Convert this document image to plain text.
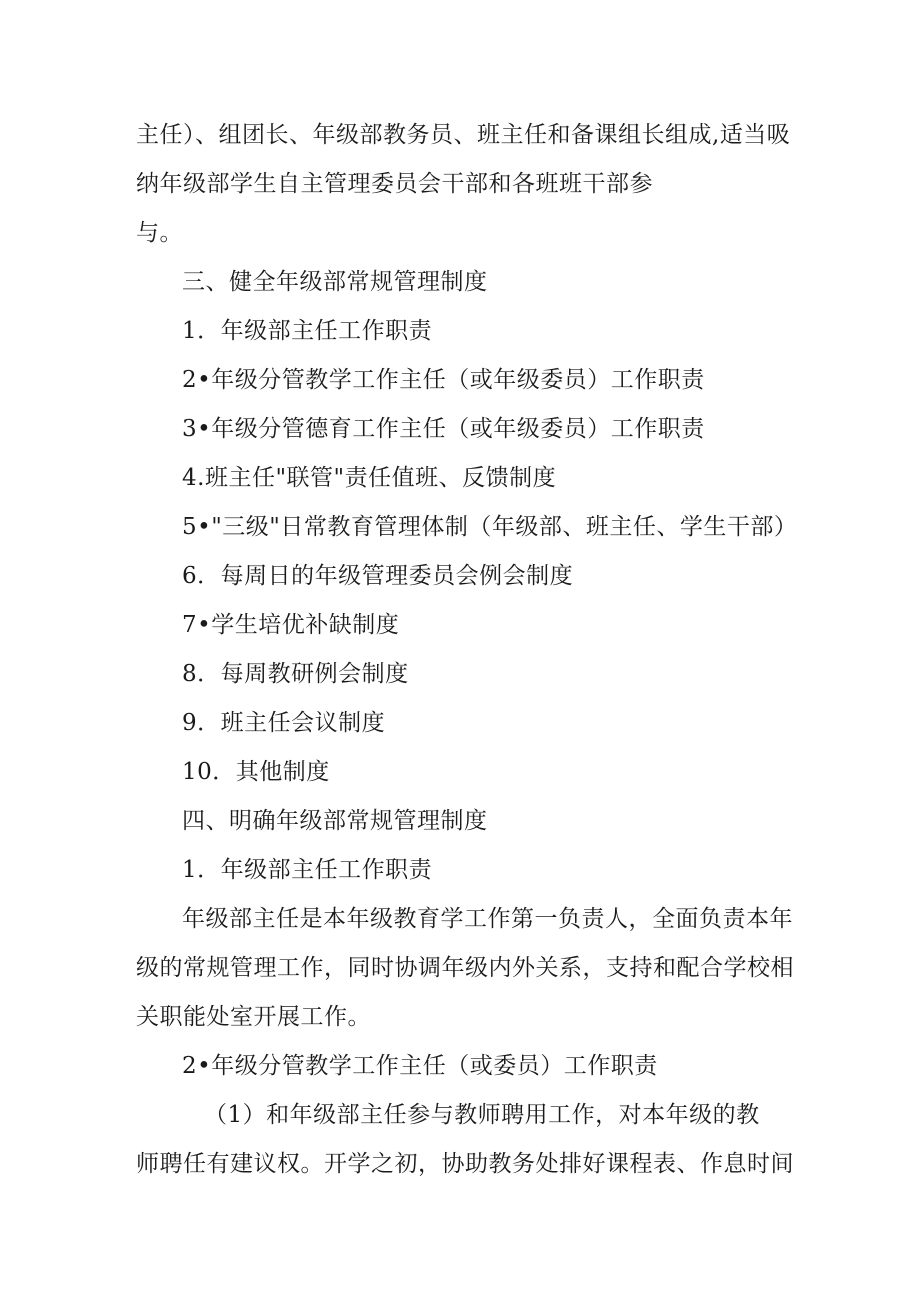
主任）、组团长、年级部教务员、班主任和备课组长组成,适当吸
纳年级部学生自主管理委员会干部和各班班干部参
与。
三、健全年级部常规管理制度
1．年级部主任工作职责
2•年级分管教学工作主任（或年级委员）工作职责
3•年级分管德育工作主任（或年级委员）工作职责
4.班主任"联管"责任值班、反馈制度
5•"三级"日常教育管理体制（年级部、班主任、学生干部）
6．每周日的年级管理委员会例会制度
7•学生培优补缺制度
8．每周教研例会制度
9．班主任会议制度
10．其他制度
四、明确年级部常规管理制度
1．年级部主任工作职责
年级部主任是本年级教育学工作第一负责人，全面负责本年
级的常规管理工作，同时协调年级内外关系，支持和配合学校相
关职能处室开展工作。
2•年级分管教学工作主任（或委员）工作职责
（1）和年级部主任参与教师聘用工作，对本年级的教
师聘任有建议权。开学之初，协助教务处排好课程表、作息时间
